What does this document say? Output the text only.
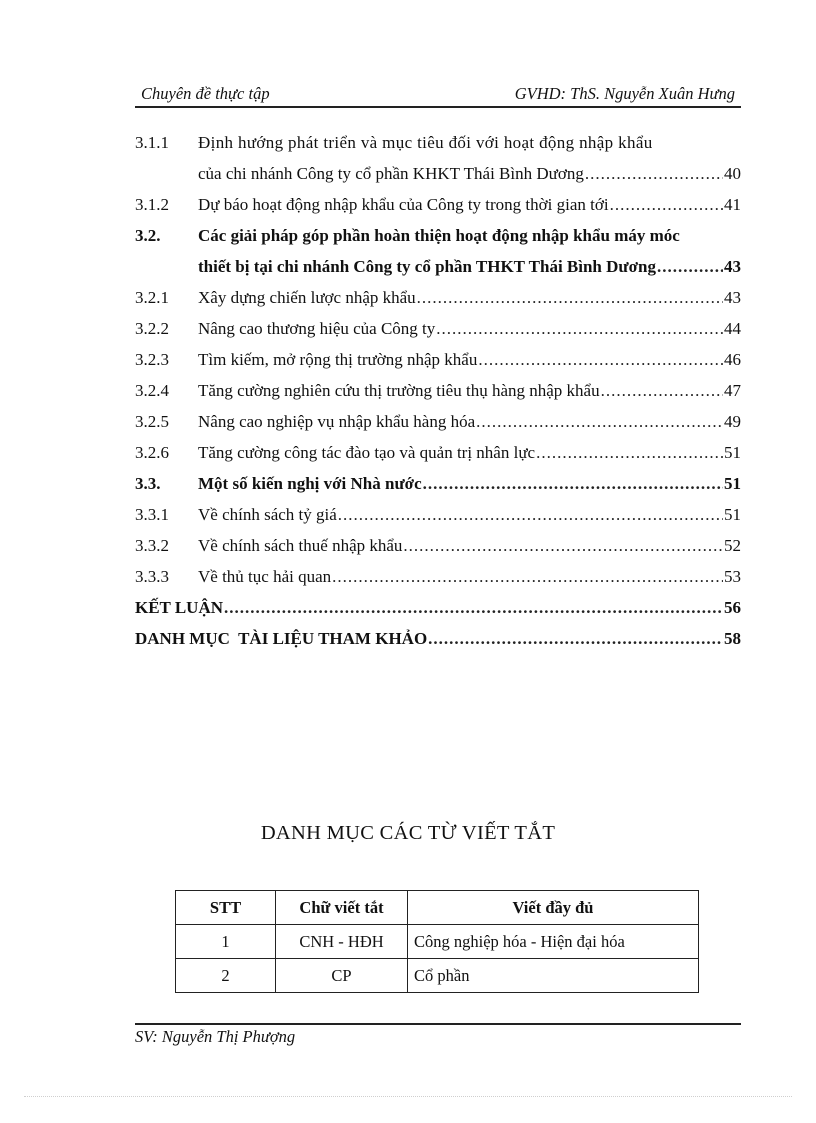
Chuyên đề thực tập	GVHD: ThS. Nguyễn Xuân Hưng
3.1.1 Định hướng phát triển và mục tiêu đối với hoạt động nhập khẩu
của chi nhánh Công ty cổ phần KHKT Thái Bình Dương .....	40
3.1.2 Dự báo hoạt động nhập khẩu của Công ty trong thời gian tới .....	41
3.2. Các giải pháp góp phần hoàn thiện hoạt động nhập khẩu máy móc
thiết bị tại chi nhánh Công ty cổ phần THKT Thái Bình Dương .....	43
3.2.1 Xây dựng chiến lược nhập khẩu .....	43
3.2.2 Nâng cao thương hiệu của Công ty .....	44
3.2.3 Tìm kiếm, mở rộng thị trường nhập khẩu .....	46
3.2.4 Tăng cường nghiên cứu thị trường tiêu thụ hàng nhập khẩu .....	47
3.2.5 Nâng cao nghiệp vụ nhập khẩu hàng hóa .....	49
3.2.6 Tăng cường công tác đào tạo và quản trị nhân lực .....	51
3.3. Một số kiến nghị với Nhà nước .....	51
3.3.1 Về chính sách tỷ giá .....	51
3.3.2 Về chính sách thuế nhập khẩu .....	52
3.3.3 Về thủ tục hải quan .....	53
KẾT LUẬN .....	56
DANH MỤC  TÀI LIỆU THAM KHẢO .....	58
DANH MỤC CÁC TỪ VIẾT TẮT
STT	Chữ viết tắt	Viết đầy đủ
1	CNH - HĐH	Công nghiệp hóa - Hiện đại hóa
2	CP	Cổ phần
SV: Nguyễn Thị Phượng
